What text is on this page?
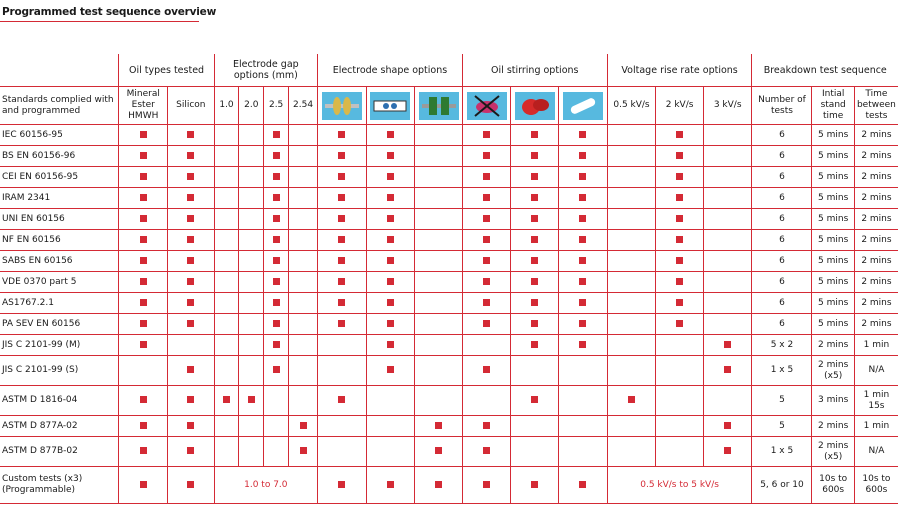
Programmed test sequence overview
	Oil types tested		Electrode gap options (mm)				Electrode shape options			Oil stirring options			Voltage rise rate options			Breakdown test sequence		
Standards complied with and programmed	Mineral Ester HMWH	Silicon	1.0	2.0	2.5	2.54							0.5 kV/s	2 kV/s	3 kV/s	Number of tests	Intial stand time	Time between tests
IEC 60156-95																6	5 mins	2 mins
BS EN 60156-96																6	5 mins	2 mins
CEI EN 60156-95																6	5 mins	2 mins
IRAM 2341																6	5 mins	2 mins
UNI EN 60156																6	5 mins	2 mins
NF EN 60156																6	5 mins	2 mins
SABS EN 60156																6	5 mins	2 mins
VDE 0370 part 5																6	5 mins	2 mins
AS1767.2.1																6	5 mins	2 mins
PA SEV EN 60156																6	5 mins	2 mins
JIS C 2101-99 (M)																5 x 2	2 mins	1 min
JIS C 2101-99 (S)																1 x 5	2 mins (x5)	N/A
ASTM D 1816-04																5	3 mins	1 min 15s
ASTM D 877A-02																5	2 mins	1 min
ASTM D 877B-02																1 x 5	2 mins (x5)	N/A
Custom tests (x3) (Programmable)			1.0 to 7.0										0.5 kV/s to 5 kV/s			5, 6 or 10	10s to 600s	10s to 600s
